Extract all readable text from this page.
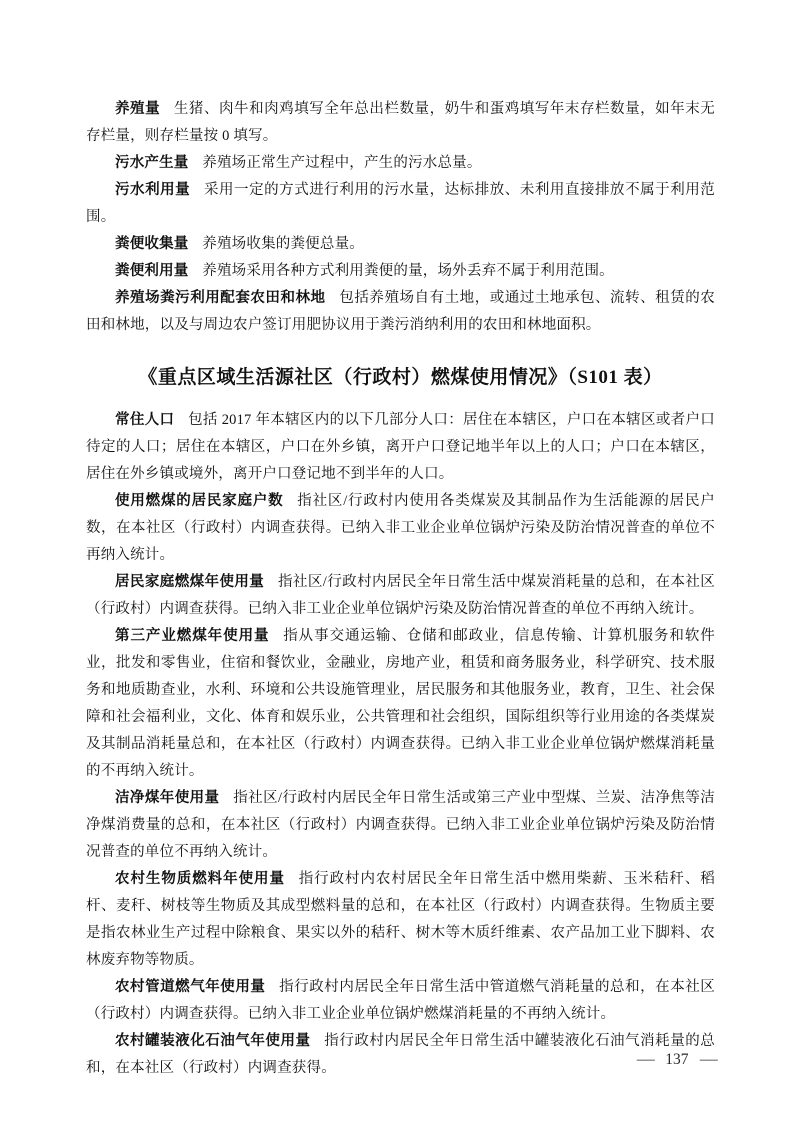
养殖量 生猪、肉牛和肉鸡填写全年总出栏数量，奶牛和蛋鸡填写年末存栏数量，如年末无存栏量，则存栏量按 0 填写。

污水产生量 养殖场正常生产过程中，产生的污水总量。

污水利用量 采用一定的方式进行利用的污水量，达标排放、未利用直接排放不属于利用范围。

粪便收集量 养殖场收集的粪便总量。

粪便利用量 养殖场采用各种方式利用粪便的量，场外丢弃不属于利用范围。

养殖场粪污利用配套农田和林地 包括养殖场自有土地，或通过土地承包、流转、租赁的农田和林地，以及与周边农户签订用肥协议用于粪污消纳利用的农田和林地面积。

《重点区域生活源社区（行政村）燃煤使用情况》（S101 表）

常住人口 包括 2017 年本辖区内的以下几部分人口：居住在本辖区，户口在本辖区或者户口待定的人口；居住在本辖区，户口在外乡镇，离开户口登记地半年以上的人口；户口在本辖区，居住在外乡镇或境外，离开户口登记地不到半年的人口。

使用燃煤的居民家庭户数 指社区/行政村内使用各类煤炭及其制品作为生活能源的居民户数，在本社区（行政村）内调查获得。已纳入非工业企业单位锅炉污染及防治情况普查的单位不再纳入统计。

居民家庭燃煤年使用量 指社区/行政村内居民全年日常生活中煤炭消耗量的总和，在本社区（行政村）内调查获得。已纳入非工业企业单位锅炉污染及防治情况普查的单位不再纳入统计。

第三产业燃煤年使用量 指从事交通运输、仓储和邮政业，信息传输、计算机服务和软件业，批发和零售业，住宿和餐饮业，金融业，房地产业，租赁和商务服务业，科学研究、技术服务和地质勘查业，水利、环境和公共设施管理业，居民服务和其他服务业，教育，卫生、社会保障和社会福利业，文化、体育和娱乐业，公共管理和社会组织，国际组织等行业用途的各类煤炭及其制品消耗量总和，在本社区（行政村）内调查获得。已纳入非工业企业单位锅炉燃煤消耗量的不再纳入统计。

洁净煤年使用量 指社区/行政村内居民全年日常生活或第三产业中型煤、兰炭、洁净焦等洁净煤消费量的总和，在本社区（行政村）内调查获得。已纳入非工业企业单位锅炉污染及防治情况普查的单位不再纳入统计。

农村生物质燃料年使用量 指行政村内农村居民全年日常生活中燃用柴薪、玉米秸秆、稻杆、麦秆、树枝等生物质及其成型燃料量的总和，在本社区（行政村）内调查获得。生物质主要是指农林业生产过程中除粮食、果实以外的秸秆、树木等木质纤维素、农产品加工业下脚料、农林废弃物等物质。

农村管道燃气年使用量 指行政村内居民全年日常生活中管道燃气消耗量的总和，在本社区（行政村）内调查获得。已纳入非工业企业单位锅炉燃煤消耗量的不再纳入统计。

农村罐装液化石油气年使用量 指行政村内居民全年日常生活中罐装液化石油气消耗量的总和，在本社区（行政村）内调查获得。	— 137 —
